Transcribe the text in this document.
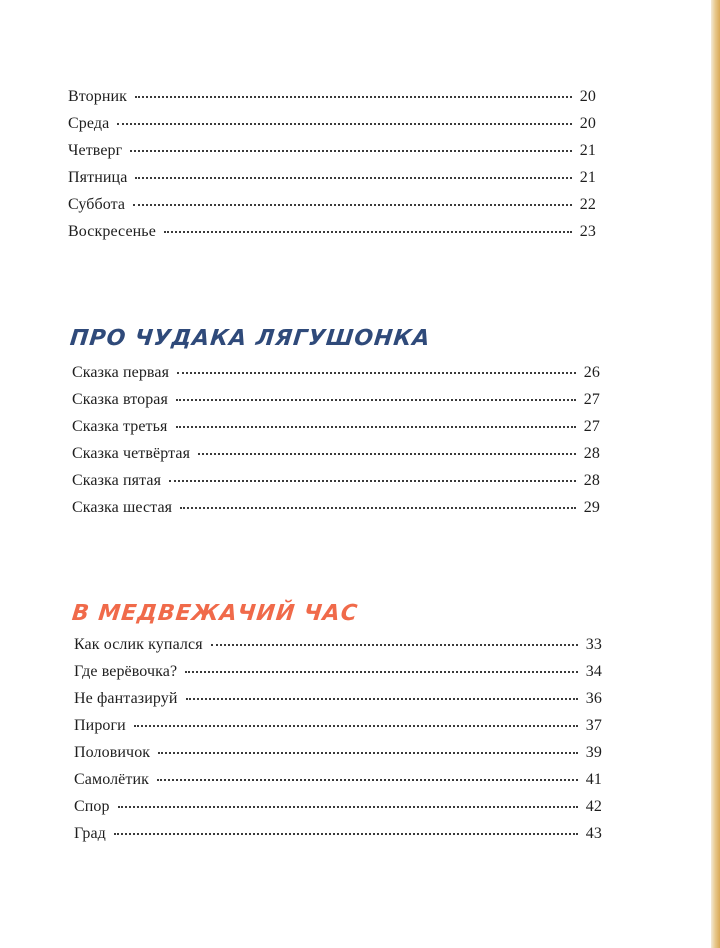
Вторник	20
Среда	20
Четверг	21
Пятница	21
Суббота	22
Воскресенье	23
ПРО ЧУДАКА ЛЯГУШОНКА
Сказка первая	26
Сказка вторая	27
Сказка третья	27
Сказка четвёртая	28
Сказка пятая	28
Сказка шестая	29
В МЕДВЕЖАЧИЙ ЧАС
Как ослик купался	33
Где верёвочка?	34
Не фантазируй	36
Пироги	37
Половичок	39
Самолётик	41
Спор	42
Град	43
